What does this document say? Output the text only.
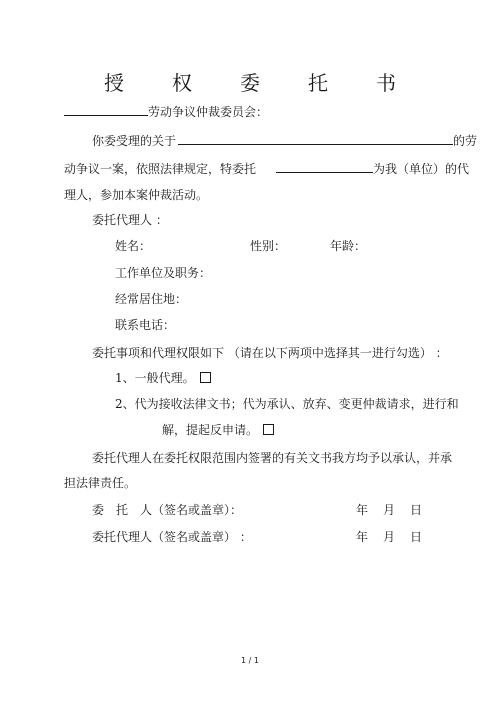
授 权 委 托 书
劳动争议仲裁委员会：
你委受理的关于	的劳
动争议一案，依照法律规定，特委托	为我（单位）的代
理人，参加本案仲裁活动。
委托代理人 ：
姓名：	性别：	年龄：
工作单位及职务：
经常居住地：
联系电话：
委托事项和代理权限如下 （请在以下两项中选择其一进行勾选） ：
1、一般代理。
2、代为接收法律文书；代为承认、放弃、变更仲裁请求，进行和
解，提起反申请。
委托代理人在委托权限范围内签署的有关文书我方均予以承认，并承
担法律责任。
委　托　人（签名或盖章）：	年 月 日
委托代理人（签名或盖章） ：	年 月 日
1 / 1
